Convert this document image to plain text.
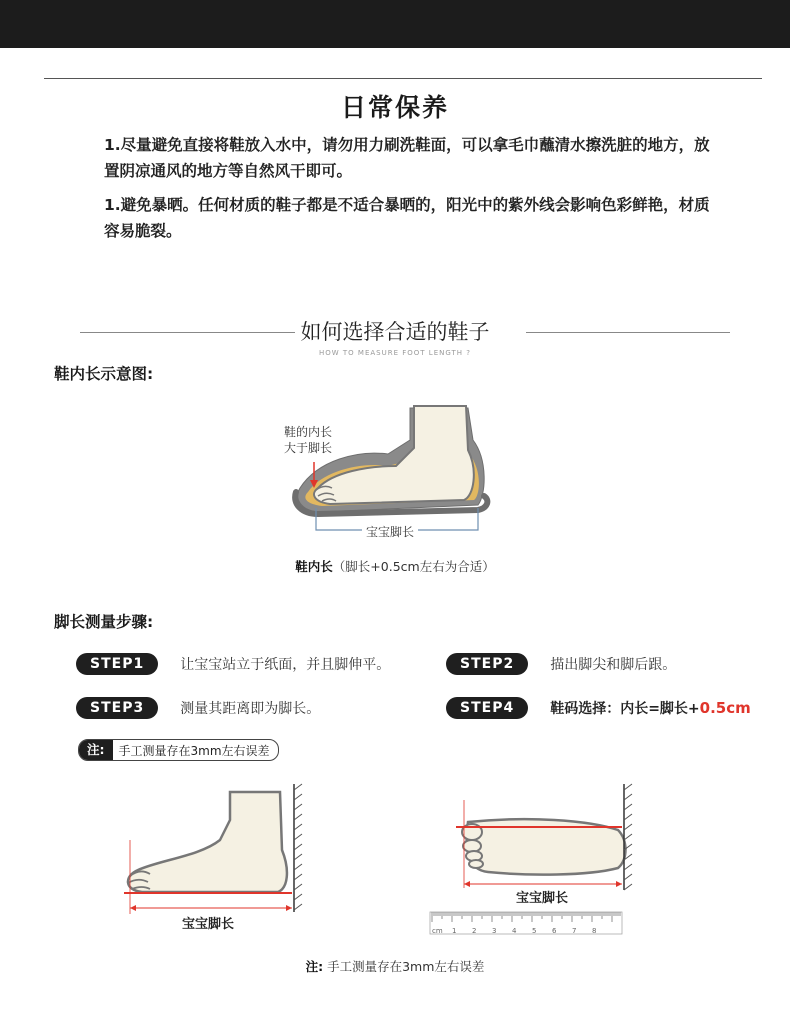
日常保养
1.尽量避免直接将鞋放入水中，请勿用力刷洗鞋面，可以拿毛巾蘸清水擦洗脏的地方，放置阴凉通风的地方等自然风干即可。
1.避免暴晒。任何材质的鞋子都是不适合暴晒的，阳光中的紫外线会影响色彩鲜艳，材质容易脆裂。
如何选择合适的鞋子
HOW TO MEASURE FOOT LENGTH ?
鞋内长示意图:
鞋的内长
大于脚长
宝宝脚长
鞋内长（脚长+0.5cm左右为合适）
脚长测量步骤:
STEP1	让宝宝站立于纸面，并且脚伸平。	STEP2	描出脚尖和脚后跟。
STEP3	测量其距离即为脚长。	STEP4	鞋码选择：内长=脚长+0.5cm
注:	手工测量存在3mm左右误差
宝宝脚长
宝宝脚长
cm 1 2 3 4 5 6 7 8
注: 手工测量存在3mm左右误差
